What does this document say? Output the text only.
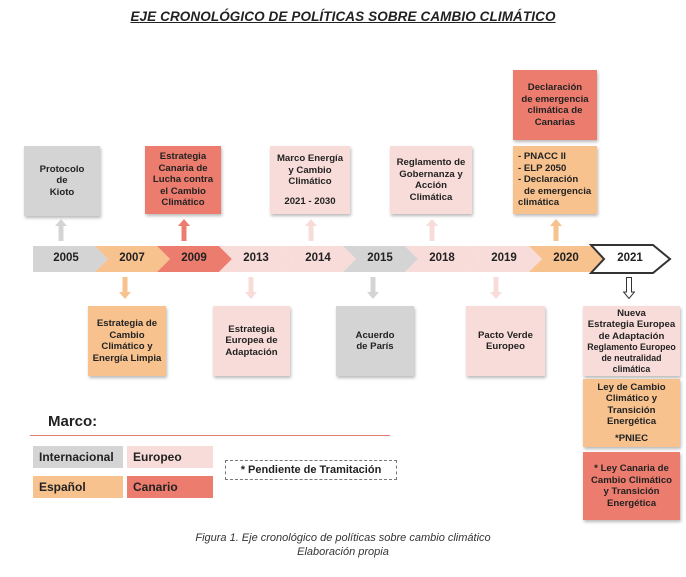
EJE CRONOLÓGICO DE POLÍTICAS SOBRE CAMBIO CLIMÁTICO
Protocolo
de
Kioto
Estrategia
Canaria de
Lucha contra
el Cambio
Climático
Marco Energía
y Cambio
Climático
2021 - 2030
Reglamento de
Gobernanza y
Acción
Climática
Declaración
de emergencia
climática de
Canarias
- PNACC II
- ELP 2050
- Declaración
de emergencia
climática
2005	2007	2009	2013	2014	2015	2018	2019	2020	2021
Estrategia de
Cambio
Climático y
Energía Limpia
Estrategia
Europea de
Adaptación
Acuerdo
de París
Pacto Verde
Europeo
Nueva
Estrategia Europea
de Adaptación
Reglamento Europeo
de neutralidad
climática
Ley de Cambio
Climático y
Transición
Energética
*PNIEC
* Ley Canaria de
Cambio Climático
y Transición
Energética
Marco:
Internacional Europeo
Español	Canario
* Pendiente de Tramitación
Figura 1. Eje cronológico de políticas sobre cambio climático
Elaboración propia
